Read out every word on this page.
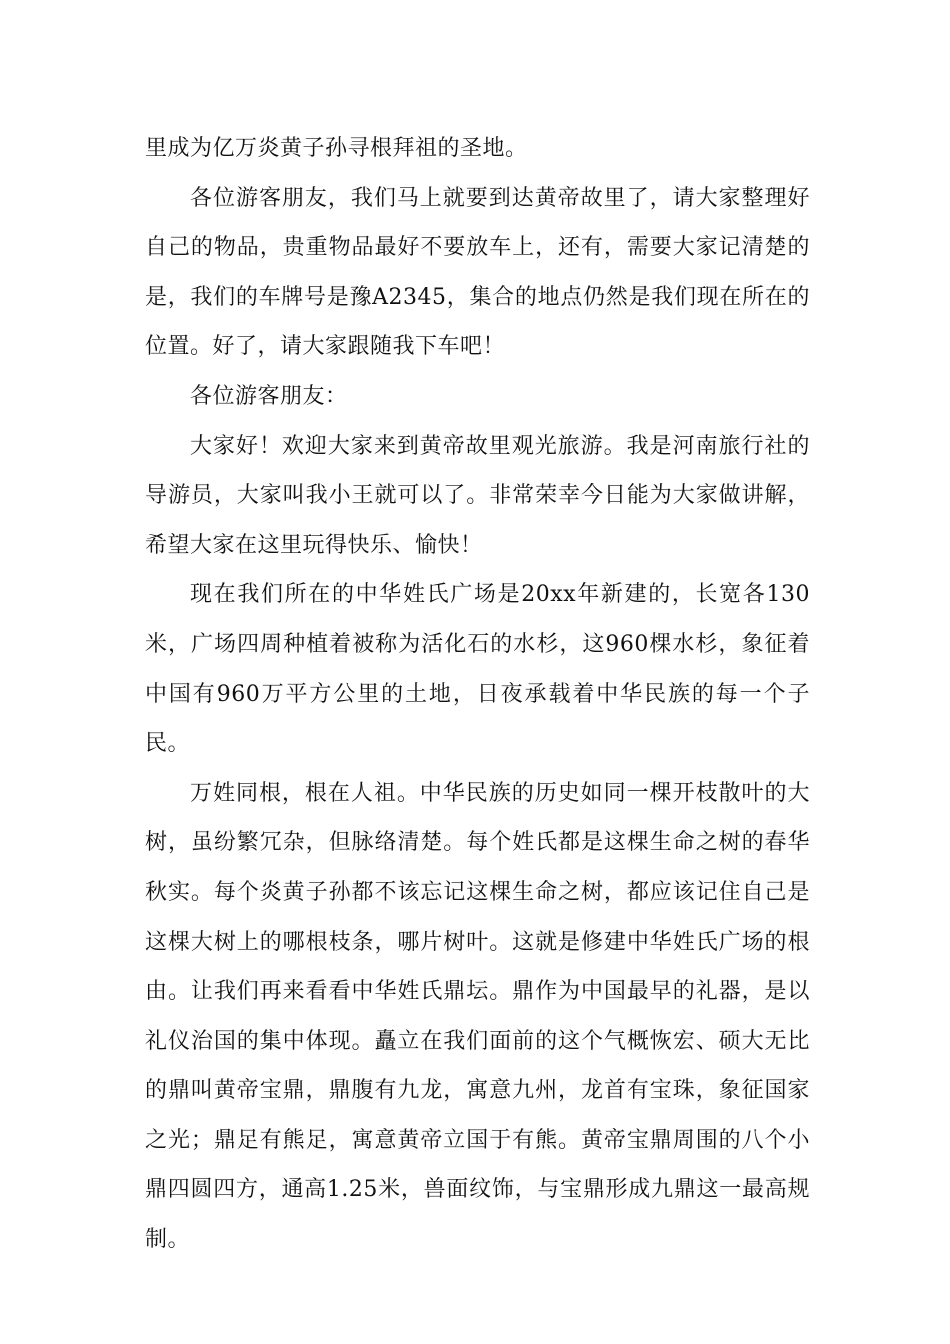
里成为亿万炎黄子孙寻根拜祖的圣地。

各位游客朋友，我们马上就要到达黄帝故里了，请大家整理好自己的物品，贵重物品最好不要放车上，还有，需要大家记清楚的是，我们的车牌号是豫A2345，集合的地点仍然是我们现在所在的位置。好了，请大家跟随我下车吧！

各位游客朋友：

大家好！欢迎大家来到黄帝故里观光旅游。我是河南旅行社的导游员，大家叫我小王就可以了。非常荣幸今日能为大家做讲解，希望大家在这里玩得快乐、愉快！

现在我们所在的中华姓氏广场是20xx年新建的，长宽各130米，广场四周种植着被称为活化石的水杉，这960棵水杉，象征着中国有960万平方公里的土地，日夜承载着中华民族的每一个子民。

万姓同根，根在人祖。中华民族的历史如同一棵开枝散叶的大树，虽纷繁冗杂，但脉络清楚。每个姓氏都是这棵生命之树的春华秋实。每个炎黄子孙都不该忘记这棵生命之树，都应该记住自己是这棵大树上的哪根枝条，哪片树叶。这就是修建中华姓氏广场的根由。让我们再来看看中华姓氏鼎坛。鼎作为中国最早的礼器，是以礼仪治国的集中体现。矗立在我们面前的这个气概恢宏、硕大无比的鼎叫黄帝宝鼎，鼎腹有九龙，寓意九州，龙首有宝珠，象征国家之光；鼎足有熊足，寓意黄帝立国于有熊。黄帝宝鼎周围的八个小鼎四圆四方，通高1.25米，兽面纹饰，与宝鼎形成九鼎这一最高规制。
